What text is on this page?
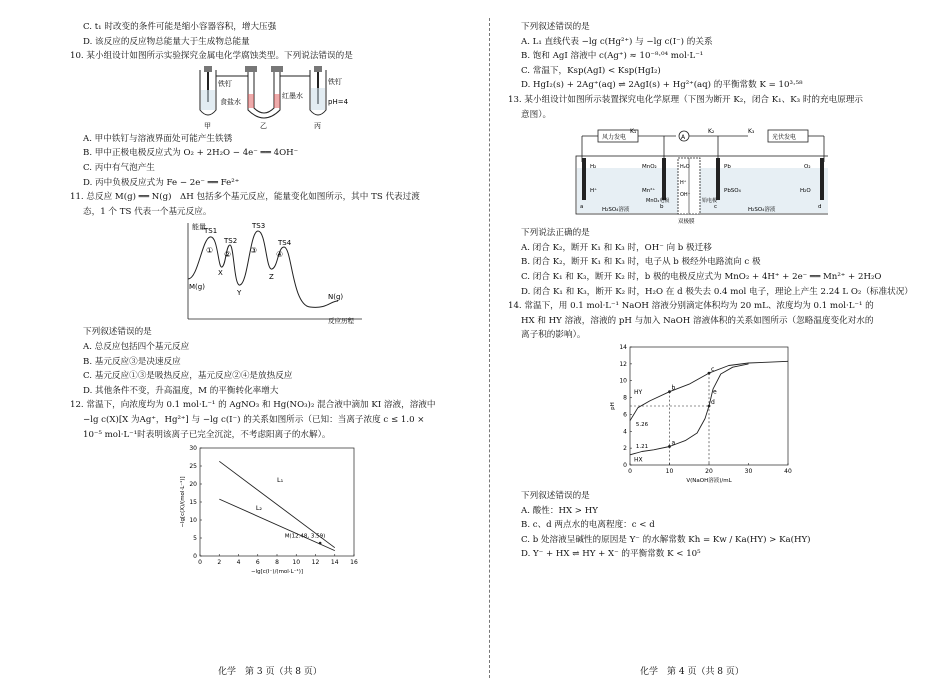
C. t₁ 时改变的条件可能是缩小容器容积，增大压强
D. 该反应的反应物总能量大于生成物总能量
10. 某小组设计如图所示实验探究金属电化学腐蚀类型。下列说法错误的是
铁钉
食盐水
红墨水
铁钉
pH=4
甲	乙	丙
A. 甲中铁钉与溶液界面处可能产生铁锈
B. 甲中正极电极反应式为 O₂ + 2H₂O − 4e⁻ ══ 4OH⁻
C. 丙中有气泡产生
D. 丙中负极反应式为 Fe − 2e⁻ ══ Fe²⁺
11. 总反应 M(g) ══ N(g)　ΔH 包括多个基元反应，能量变化如图所示，其中 TS 代表过渡
态，1 个 TS 代表一个基元反应。
能量
反应历程
TS1
TS2
TS3
TS4
① ② ③ ④
X
Y
Z
M(g)
N(g)
下列叙述错误的是
A. 总反应包括四个基元反应
B. 基元反应③是决速反应
C. 基元反应①③是吸热反应，基元反应②④是放热反应
D. 其他条件不变，升高温度，M 的平衡转化率增大
12. 常温下，向浓度均为 0.1 mol·L⁻¹ 的 AgNO₃ 和 Hg(NO₃)₂ 混合液中滴加 KI 溶液，溶液中
−lg c(X)[X 为Ag⁺，Hg²⁺] 与 −lg c(I⁻) 的关系如图所示（已知：当离子浓度 c ≤ 1.0 ×
10⁻⁵ mol·L⁻¹时表明该离子已完全沉淀，不考虑阳离子的水解）。
0	2	4	6	8 10 12 14 16
0
5
10
15
20
25
30
−lg[c(I⁻)/(mol·L⁻¹)]
−lg[c(X)/(mol·L⁻¹)]	L₁
L₂
M(12.48, 3.59)
下列叙述错误的是
A. L₁ 直线代表 −lg c(Hg²⁺) 与 −lg c(I⁻) 的关系
B. 饱和 AgI 溶液中 c(Ag⁺) ≈ 10⁻⁸·⁰⁴ mol·L⁻¹
C. 常温下，Ksp(AgI) < Ksp(HgI₂)
D. HgI₂(s) + 2Ag⁺(aq) ⇌ 2AgI(s) + Hg²⁺(aq) 的平衡常数 K = 10³·⁵⁸
13. 某小组设计如图所示装置探究电化学原理（下图为断开 K₂，闭合 K₁、K₃ 时的充电原理示
意图）。
K₁	K₂	K₃
A
风力发电	光伏发电
H₂
H⁺
MnO₂
Mn²⁺
H₂O
H⁺
OH⁻
Pb
PbSO₄
O₂
H₂O
a	b	c	d
H₂SO₄溶液
MnO₂电极	铅电极
H₂SO₄溶液
双极膜
下列说法正确的是
A. 闭合 K₂，断开 K₁ 和 K₃ 时，OH⁻ 向 b 极迁移
B. 闭合 K₂，断开 K₁ 和 K₃ 时，电子从 b 极经外电路流向 c 极
C. 闭合 K₁ 和 K₃，断开 K₂ 时，b 极的电极反应式为 MnO₂ + 4H⁺ + 2e⁻ ══ Mn²⁺ + 2H₂O
D. 闭合 K₁ 和 K₃，断开 K₂ 时，H₂O 在 d 极失去 0.4 mol 电子，理论上产生 2.24 L O₂（标准状况）
14. 常温下，用 0.1 mol·L⁻¹ NaOH 溶液分别滴定体积均为 20 mL、浓度均为 0.1 mol·L⁻¹ 的
HX 和 HY 溶液，溶液的 pH 与加入 NaOH 溶液体积的关系如图所示（忽略温度变化对水的
离子积的影响）。
0	10	20	30	40
0
2
4
6
8
10
12
14
V(NaOH溶液)/mL
pH
a
b
c
d
HY
HX
5.26
1.21
e
下列叙述错误的是
A. 酸性：HX > HY
B. c、d 两点水的电离程度：c < d
C. b 处溶液呈碱性的原因是 Y⁻ 的水解常数 Kh = Kw / Ka(HY) > Ka(HY)
D. Y⁻ + HX ⇌ HY + X⁻ 的平衡常数 K < 10⁵
化学　第 3 页（共 8 页）	化学　第 4 页（共 8 页）
